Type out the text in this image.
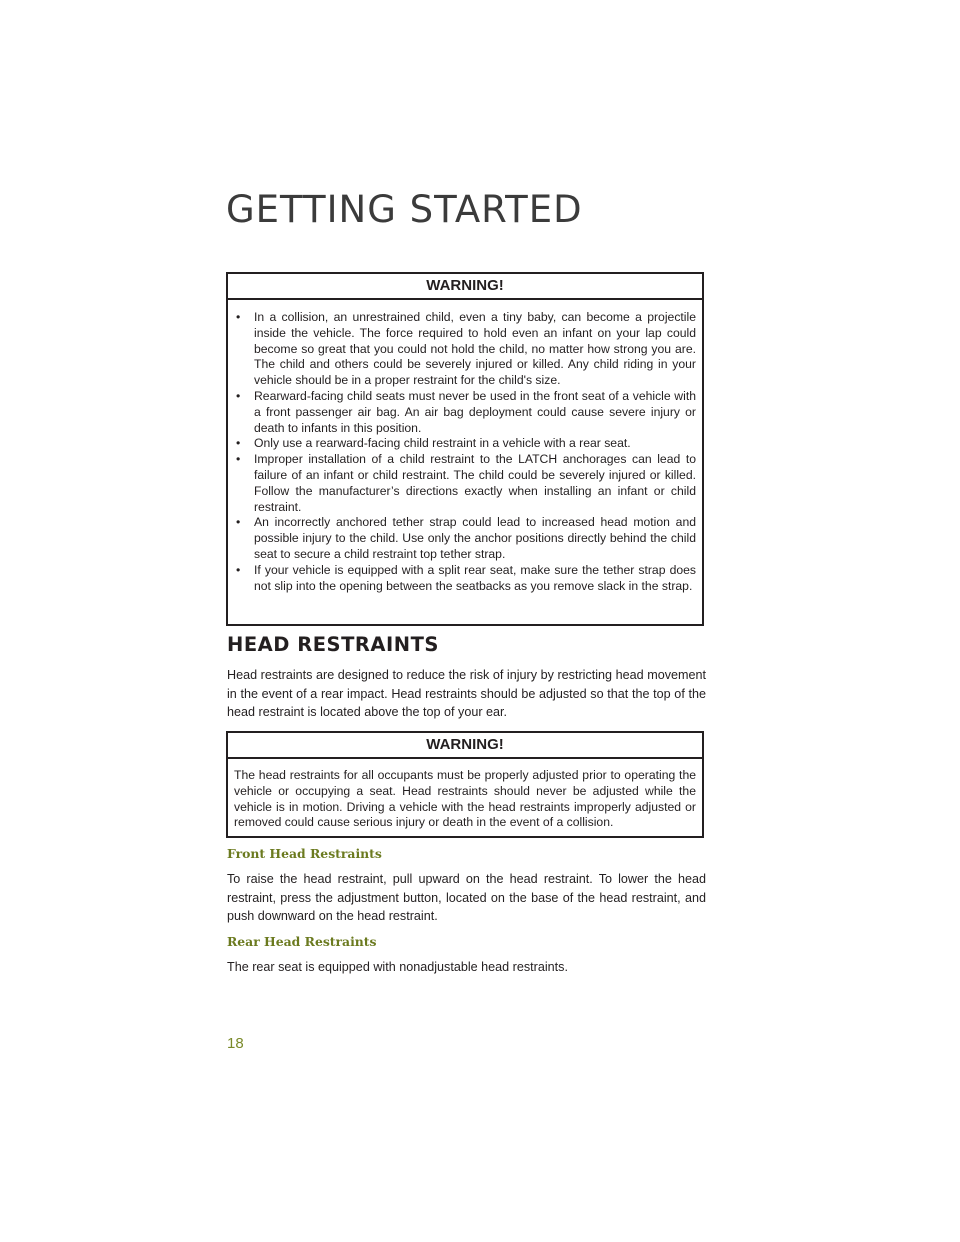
GETTING STARTED
WARNING!
• In a collision, an unrestrained child, even a tiny baby, can become a projectile inside the vehicle. The force required to hold even an infant on your lap could become so great that you could not hold the child, no matter how strong you are. The child and others could be severely injured or killed. Any child riding in your vehicle should be in a proper restraint for the child's size.
• Rearward-facing child seats must never be used in the front seat of a vehicle with a front passenger air bag. An air bag deployment could cause severe injury or death to infants in this position.
• Only use a rearward-facing child restraint in a vehicle with a rear seat.
• Improper installation of a child restraint to the LATCH anchorages can lead to failure of an infant or child restraint. The child could be severely injured or killed. Follow the manufacturer’s directions exactly when installing an infant or child restraint.
• An incorrectly anchored tether strap could lead to increased head motion and possible injury to the child. Use only the anchor positions directly behind the child seat to secure a child restraint top tether strap.
• If your vehicle is equipped with a split rear seat, make sure the tether strap does not slip into the opening between the seatbacks as you remove slack in the strap.
HEAD RESTRAINTS
Head restraints are designed to reduce the risk of injury by restricting head movement in the event of a rear impact. Head restraints should be adjusted so that the top of the head restraint is located above the top of your ear.
WARNING!
The head restraints for all occupants must be properly adjusted prior to operating the vehicle or occupying a seat. Head restraints should never be adjusted while the vehicle is in motion. Driving a vehicle with the head restraints improperly adjusted or removed could cause serious injury or death in the event of a collision.
Front Head Restraints
To raise the head restraint, pull upward on the head restraint. To lower the head restraint, press the adjustment button, located on the base of the head restraint, and push downward on the head restraint.
Rear Head Restraints
The rear seat is equipped with nonadjustable head restraints.
18
